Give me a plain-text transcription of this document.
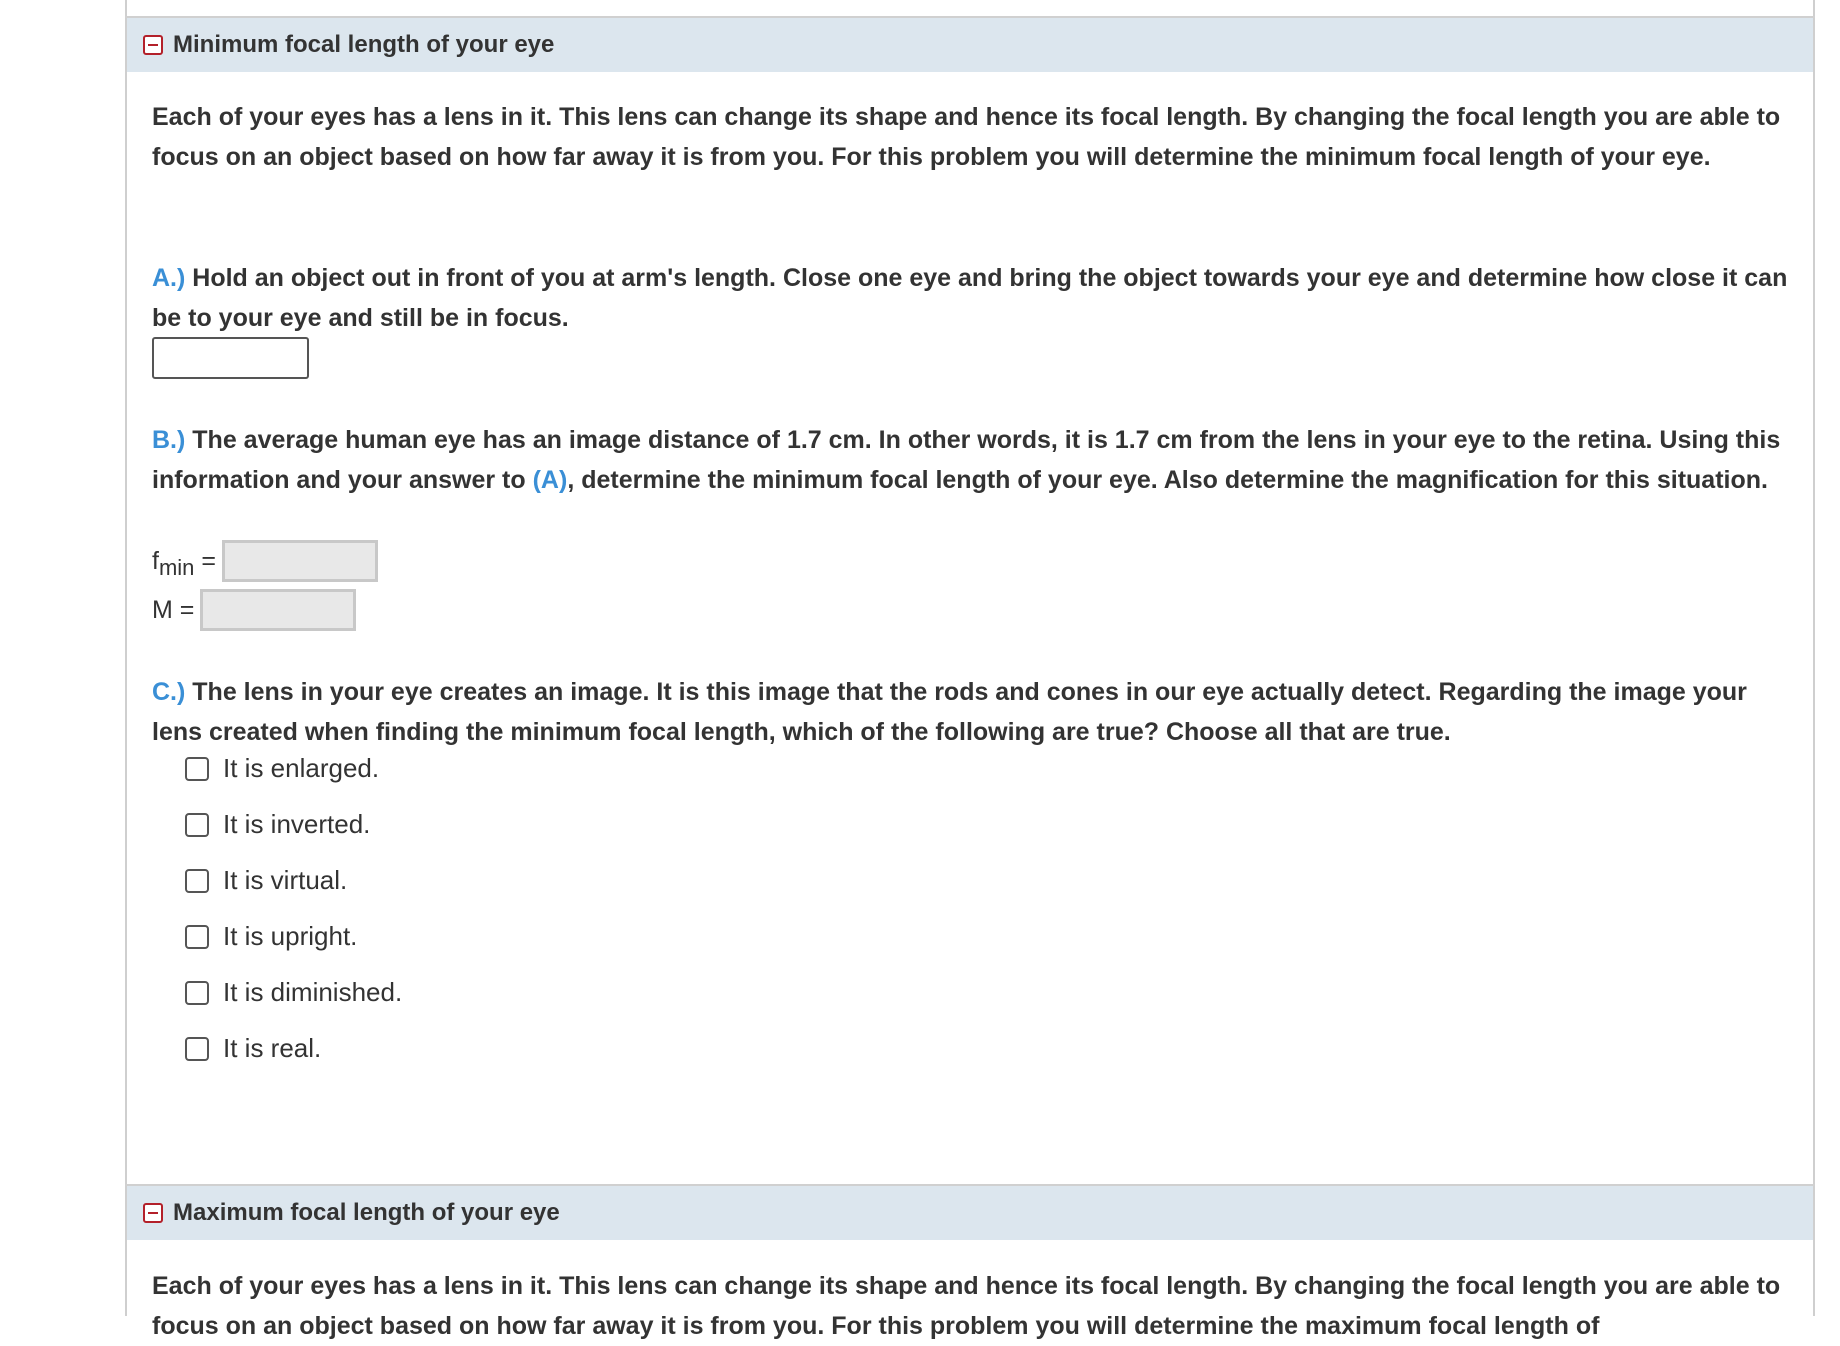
Minimum focal length of your eye
Each of your eyes has a lens in it. This lens can change its shape and hence its focal length. By changing the focal length you are able to focus on an object based on how far away it is from you. For this problem you will determine the minimum focal length of your eye.
A.) Hold an object out in front of you at arm's length. Close one eye and bring the object towards your eye and determine how close it can be to your eye and still be in focus.
B.) The average human eye has an image distance of 1.7 cm. In other words, it is 1.7 cm from the lens in your eye to the retina. Using this information and your answer to (A), determine the minimum focal length of your eye. Also determine the magnification for this situation.
fmin =
M =
C.) The lens in your eye creates an image. It is this image that the rods and cones in our eye actually detect. Regarding the image your lens created when finding the minimum focal length, which of the following are true? Choose all that are true.
It is enlarged.
It is inverted.
It is virtual.
It is upright.
It is diminished.
It is real.
Maximum focal length of your eye
Each of your eyes has a lens in it. This lens can change its shape and hence its focal length. By changing the focal length you are able to focus on an object based on how far away it is from you. For this problem you will determine the maximum focal length of
